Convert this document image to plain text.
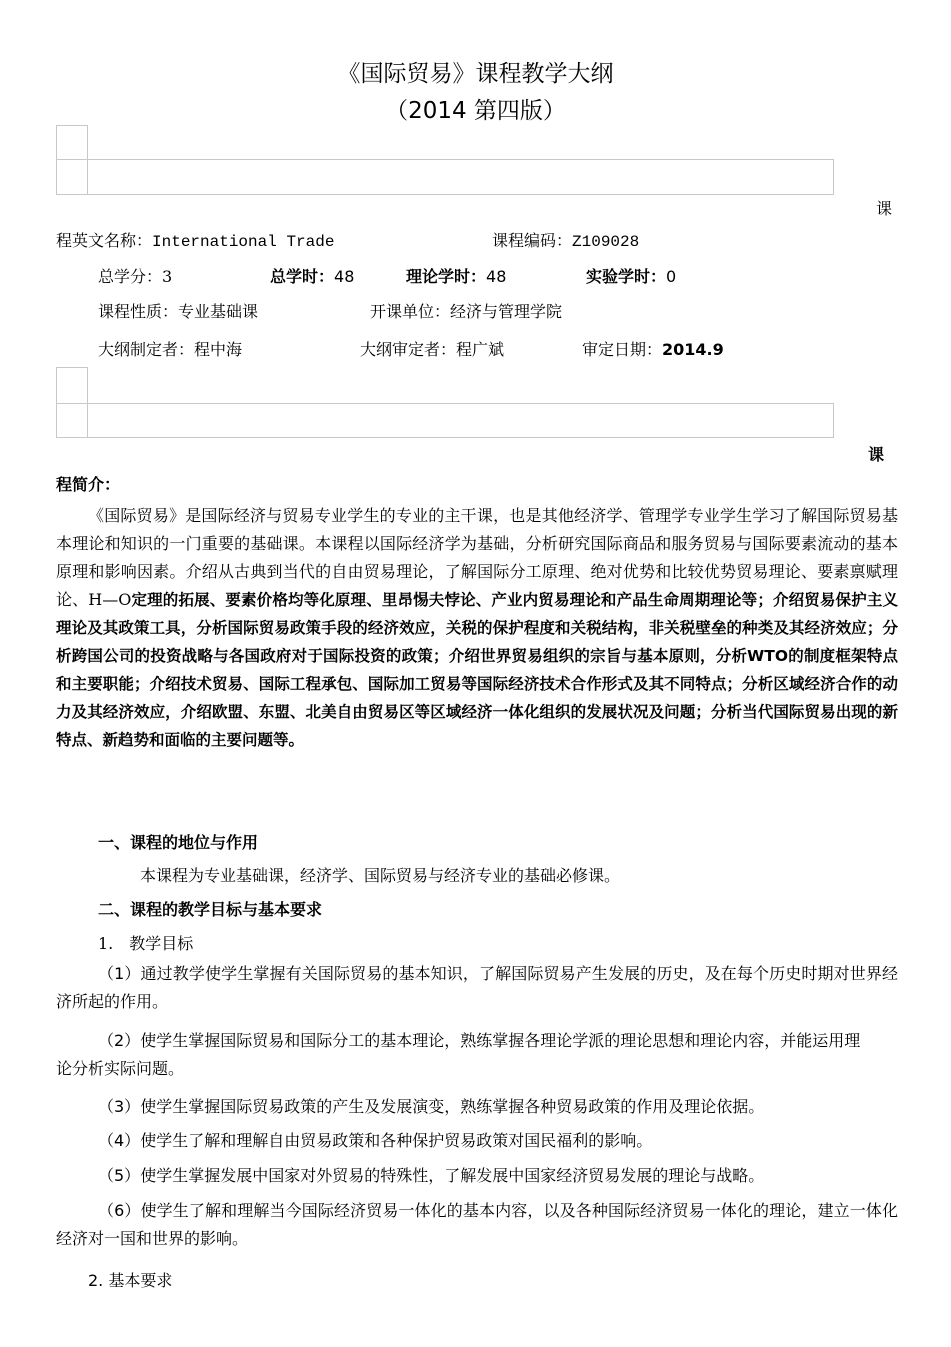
《国际贸易》课程教学大纲
（2014 第四版）
课
程英文名称：International Trade	课程编码：Z109028
总学分：3	总学时：48	理论学时：48	实验学时：0
课程性质：专业基础课	开课单位：经济与管理学院
大纲制定者：程中海	大纲审定者：程广斌	审定日期：2014.9
课
程简介：
《国际贸易》是国际经济与贸易专业学生的专业的主干课，也是其他经济学、管理学专业学生学习了解国际贸易基本理论和知识的一门重要的基础课。本课程以国际经济学为基础，分析研究国际商品和服务贸易与国际要素流动的基本原理和影响因素。介绍从古典到当代的自由贸易理论，了解国际分工原理、绝对优势和比较优势贸易理论、要素禀赋理论、H—O定理的拓展、要素价格均等化原理、里昂惕夫悖论、产业内贸易理论和产品生命周期理论等；介绍贸易保护主义理论及其政策工具，分析国际贸易政策手段的经济效应，关税的保护程度和关税结构，非关税壁垒的种类及其经济效应；分析跨国公司的投资战略与各国政府对于国际投资的政策；介绍世界贸易组织的宗旨与基本原则，分析WTO的制度框架特点和主要职能；介绍技术贸易、国际工程承包、国际加工贸易等国际经济技术合作形式及其不同特点；分析区域经济合作的动力及其经济效应，介绍欧盟、东盟、北美自由贸易区等区域经济一体化组织的发展状况及问题；分析当代国际贸易出现的新特点、新趋势和面临的主要问题等。
一、课程的地位与作用
本课程为专业基础课，经济学、国际贸易与经济专业的基础必修课。
二、课程的教学目标与基本要求
1.　教学目标
（1）通过教学使学生掌握有关国际贸易的基本知识，了解国际贸易产生发展的历史，及在每个历史时期对世界经济所起的作用。
（2）使学生掌握国际贸易和国际分工的基本理论，熟练掌握各理论学派的理论思想和理论内容，并能运用理论分析实际问题。
（3）使学生掌握国际贸易政策的产生及发展演变，熟练掌握各种贸易政策的作用及理论依据。
（4）使学生了解和理解自由贸易政策和各种保护贸易政策对国民福利的影响。
（5）使学生掌握发展中国家对外贸易的特殊性，了解发展中国家经济贸易发展的理论与战略。
（6）使学生了解和理解当今国际经济贸易一体化的基本内容，以及各种国际经济贸易一体化的理论，建立一体化经济对一国和世界的影响。
2. 基本要求
